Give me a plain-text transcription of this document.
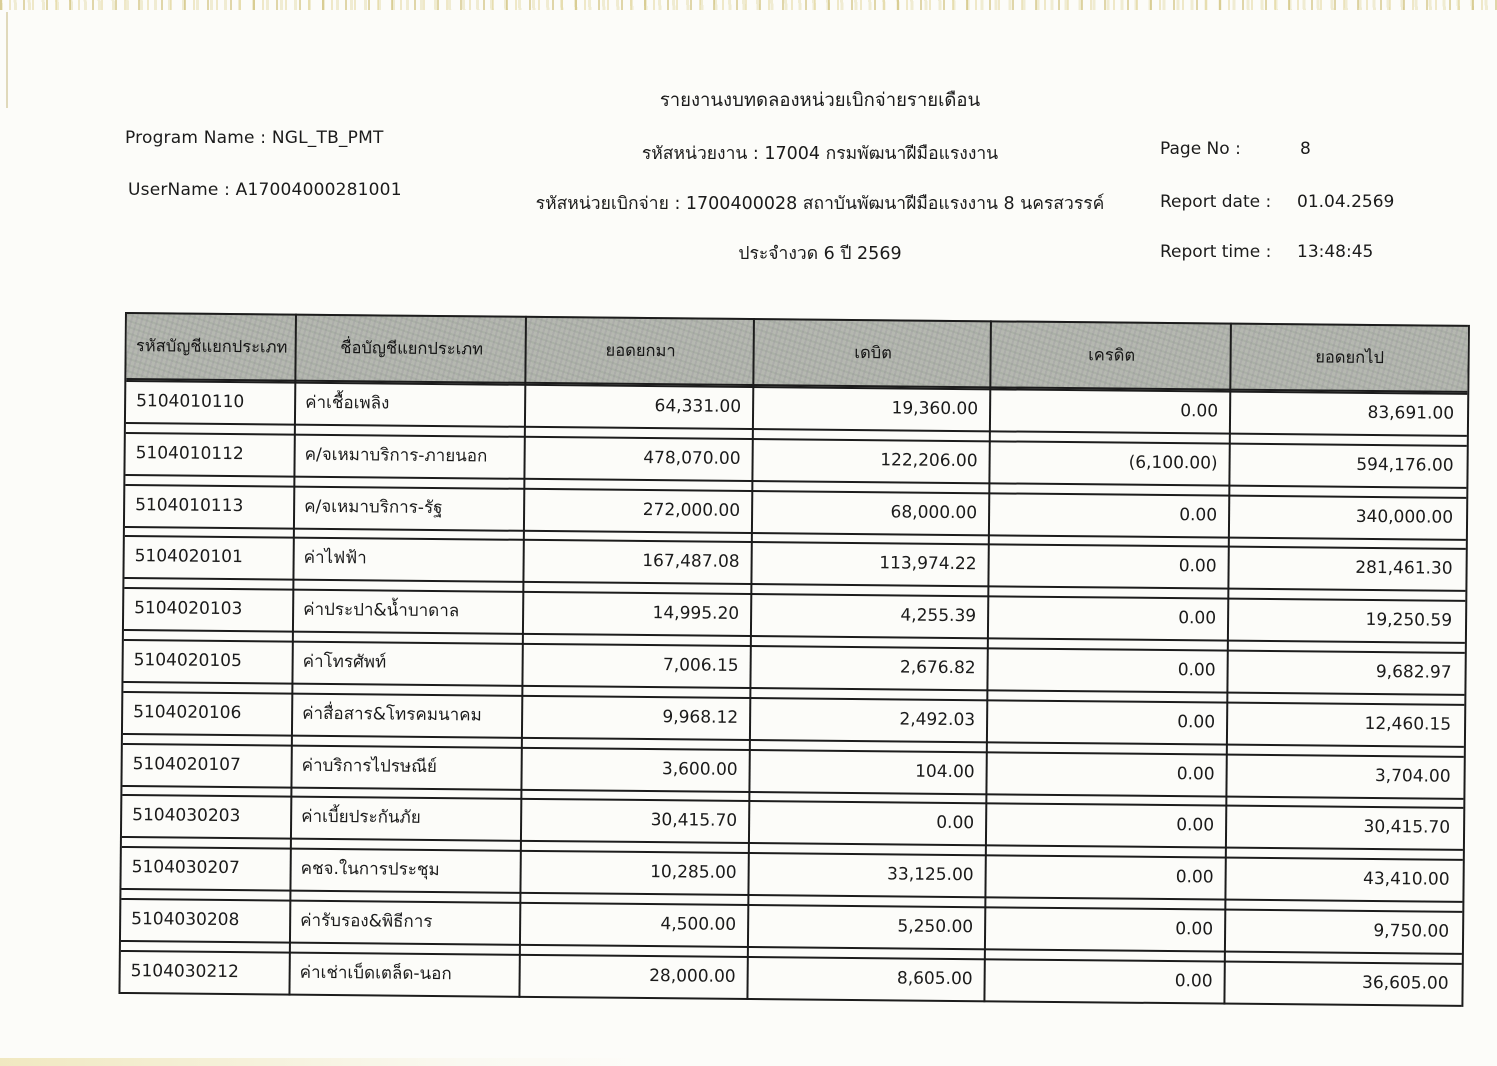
รายงานงบทดลองหน่วยเบิกจ่ายรายเดือน
Program Name : NGL_TB_PMT
UserName : A17004000281001
รหัสหน่วยงาน : 17004 กรมพัฒนาฝีมือแรงงาน
รหัสหน่วยเบิกจ่าย : 1700400028 สถาบันพัฒนาฝีมือแรงงาน 8 นครสวรรค์
ประจำงวด 6 ปี 2569
Page No :	8
Report date : 01.04.2569
Report time : 13:48:45
รหัสบัญชีแยกประเภท	ชื่อบัญชีแยกประเภท	ยอดยกมา	เดบิต	เครดิต	ยอดยกไป
5104010110	ค่าเชื้อเพลิง	64,331.00	19,360.00	0.00	83,691.00
5104010112	ค/จเหมาบริการ-ภายนอก	478,070.00	122,206.00	(6,100.00)	594,176.00
5104010113	ค/จเหมาบริการ-รัฐ	272,000.00	68,000.00	0.00	340,000.00
5104020101	ค่าไฟฟ้า	167,487.08	113,974.22	0.00	281,461.30
5104020103	ค่าประปา&น้ำบาดาล	14,995.20	4,255.39	0.00	19,250.59
5104020105	ค่าโทรศัพท์	7,006.15	2,676.82	0.00	9,682.97
5104020106	ค่าสื่อสาร&โทรคมนาคม	9,968.12	2,492.03	0.00	12,460.15
5104020107	ค่าบริการไปรษณีย์	3,600.00	104.00	0.00	3,704.00
5104030203	ค่าเบี้ยประกันภัย	30,415.70	0.00	0.00	30,415.70
5104030207	คชจ.ในการประชุม	10,285.00	33,125.00	0.00	43,410.00
5104030208	ค่ารับรอง&พิธีการ	4,500.00	5,250.00	0.00	9,750.00
5104030212	ค่าเช่าเบ็ดเตล็ด-นอก	28,000.00	8,605.00	0.00	36,605.00
